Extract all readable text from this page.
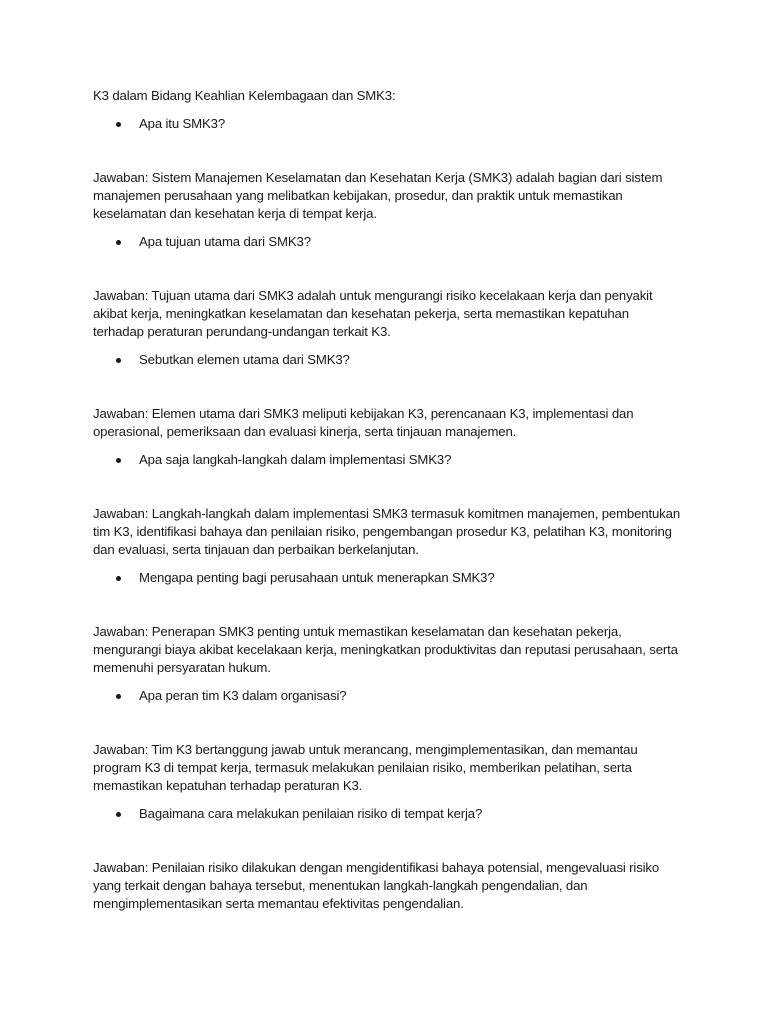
K3 dalam Bidang Keahlian Kelembagaan dan SMK3:
Apa itu SMK3?
Jawaban: Sistem Manajemen Keselamatan dan Kesehatan Kerja (SMK3) adalah bagian dari sistem manajemen perusahaan yang melibatkan kebijakan, prosedur, dan praktik untuk memastikan keselamatan dan kesehatan kerja di tempat kerja.
Apa tujuan utama dari SMK3?
Jawaban: Tujuan utama dari SMK3 adalah untuk mengurangi risiko kecelakaan kerja dan penyakit akibat kerja, meningkatkan keselamatan dan kesehatan pekerja, serta memastikan kepatuhan terhadap peraturan perundang-undangan terkait K3.
Sebutkan elemen utama dari SMK3?
Jawaban: Elemen utama dari SMK3 meliputi kebijakan K3, perencanaan K3, implementasi dan operasional, pemeriksaan dan evaluasi kinerja, serta tinjauan manajemen.
Apa saja langkah-langkah dalam implementasi SMK3?
Jawaban: Langkah-langkah dalam implementasi SMK3 termasuk komitmen manajemen, pembentukan tim K3, identifikasi bahaya dan penilaian risiko, pengembangan prosedur K3, pelatihan K3, monitoring dan evaluasi, serta tinjauan dan perbaikan berkelanjutan.
Mengapa penting bagi perusahaan untuk menerapkan SMK3?
Jawaban: Penerapan SMK3 penting untuk memastikan keselamatan dan kesehatan pekerja, mengurangi biaya akibat kecelakaan kerja, meningkatkan produktivitas dan reputasi perusahaan, serta memenuhi persyaratan hukum.
Apa peran tim K3 dalam organisasi?
Jawaban: Tim K3 bertanggung jawab untuk merancang, mengimplementasikan, dan memantau program K3 di tempat kerja, termasuk melakukan penilaian risiko, memberikan pelatihan, serta memastikan kepatuhan terhadap peraturan K3.
Bagaimana cara melakukan penilaian risiko di tempat kerja?
Jawaban: Penilaian risiko dilakukan dengan mengidentifikasi bahaya potensial, mengevaluasi risiko yang terkait dengan bahaya tersebut, menentukan langkah-langkah pengendalian, dan mengimplementasikan serta memantau efektivitas pengendalian.
